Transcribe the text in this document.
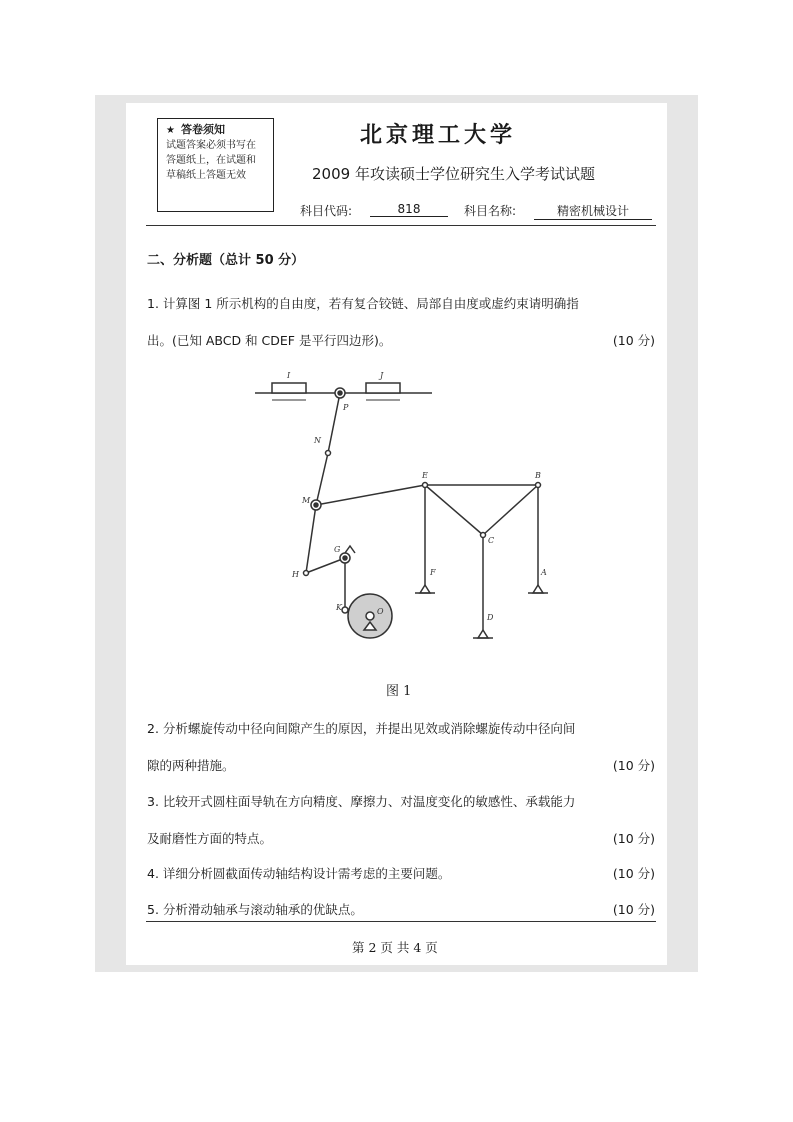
★ 答卷须知
试题答案必须书写在
答题纸上，在试题和
草稿纸上答题无效
北京理工大学
2009 年攻读硕士学位研究生入学考试试题
科目代码:	818	科目名称:	精密机械设计
二、分析题（总计 50 分）
1. 计算图 1 所示机构的自由度，若有复合铰链、局部自由度或虚约束请明确指
出。(已知 ABCD 和 CDEF 是平行四边形)。	(10 分)
I	J
P
N
M
E	B
C
G
H	F	A
K	O
D
图 1
2. 分析螺旋传动中径向间隙产生的原因，并提出见效或消除螺旋传动中径向间
隙的两种措施。	(10 分)
3. 比较开式圆柱面导轨在方向精度、摩擦力、对温度变化的敏感性、承载能力
及耐磨性方面的特点。	(10 分)
4. 详细分析圆截面传动轴结构设计需考虑的主要问题。	(10 分)
5. 分析滑动轴承与滚动轴承的优缺点。	(10 分)
第 2 页 共 4 页
